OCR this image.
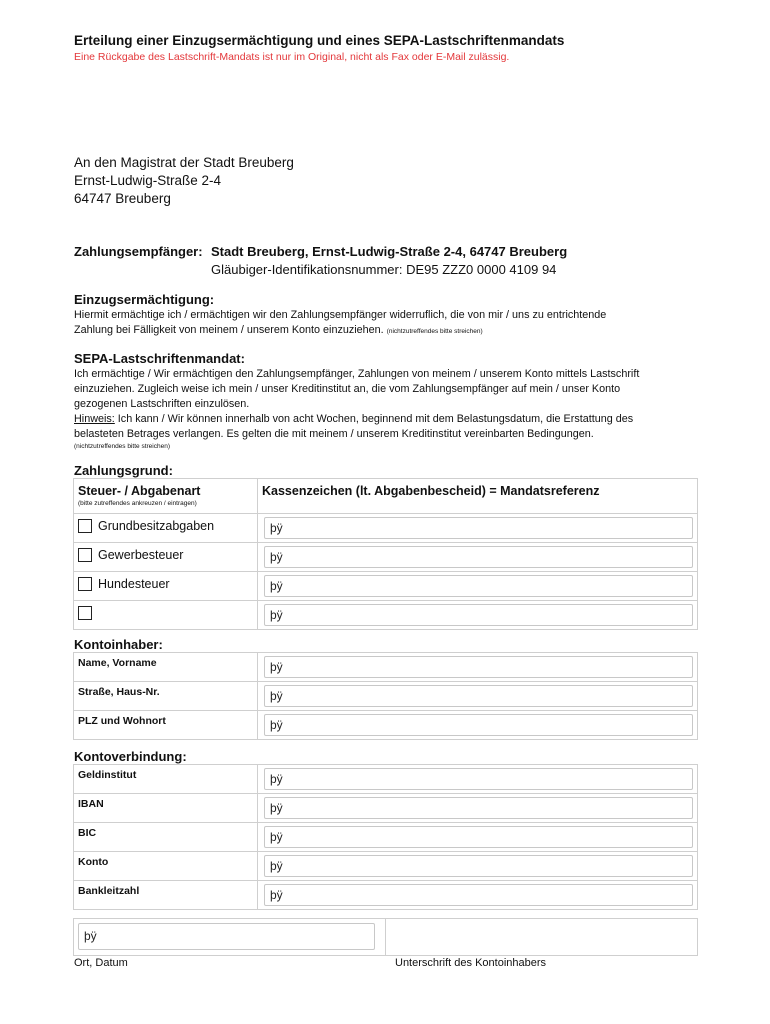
Erteilung einer Einzugsermächtigung und eines SEPA-Lastschriftenmandats
Eine Rückgabe des Lastschrift-Mandats ist nur im Original, nicht als Fax oder E-Mail zulässig.
An den Magistrat der Stadt Breuberg
Ernst-Ludwig-Straße 2-4
64747 Breuberg
Zahlungsempfänger: Stadt Breuberg, Ernst-Ludwig-Straße 2-4, 64747 Breuberg
Gläubiger-Identifikationsnummer: DE95 ZZZ0 0000 4109 94
Einzugsermächtigung:
Hiermit ermächtige ich / ermächtigen wir den Zahlungsempfänger widerruflich, die von mir / uns zu entrichtende
Zahlung bei Fälligkeit von meinem / unserem Konto einzuziehen. (nichtzutreffendes bitte streichen)
SEPA-Lastschriftenmandat:
Ich ermächtige / Wir ermächtigen den Zahlungsempfänger, Zahlungen von meinem / unserem Konto mittels Lastschrift
einzuziehen. Zugleich weise ich mein / unser Kreditinstitut an, die vom Zahlungsempfänger auf mein / unser Konto
gezogenen Lastschriften einzulösen.
Hinweis: Ich kann / Wir können innerhalb von acht Wochen, beginnend mit dem Belastungsdatum, die Erstattung des
belasteten Betrages verlangen. Es gelten die mit meinem / unserem Kreditinstitut vereinbarten Bedingungen.
(nichtzutreffendes bitte streichen)
Zahlungsgrund:
Steuer- / Abgabenart
(bitte zutreffendes ankreuzen / eintragen)	Kassenzeichen (lt. Abgabenbescheid) = Mandatsreferenz

Grundbesitzabgaben	þÿ

Gewerbesteuer	þÿ

Hundesteuer	þÿ

	þÿ
Kontoinhaber:
Name, Vorname	þÿ

Straße, Haus-Nr.	þÿ

PLZ und Wohnort	þÿ
Kontoverbindung:
Geldinstitut	þÿ

IBAN	þÿ

BIC	þÿ

Konto	þÿ

Bankleitzahl	þÿ
þÿ

Ort, Datum	Unterschrift des Kontoinhabers
